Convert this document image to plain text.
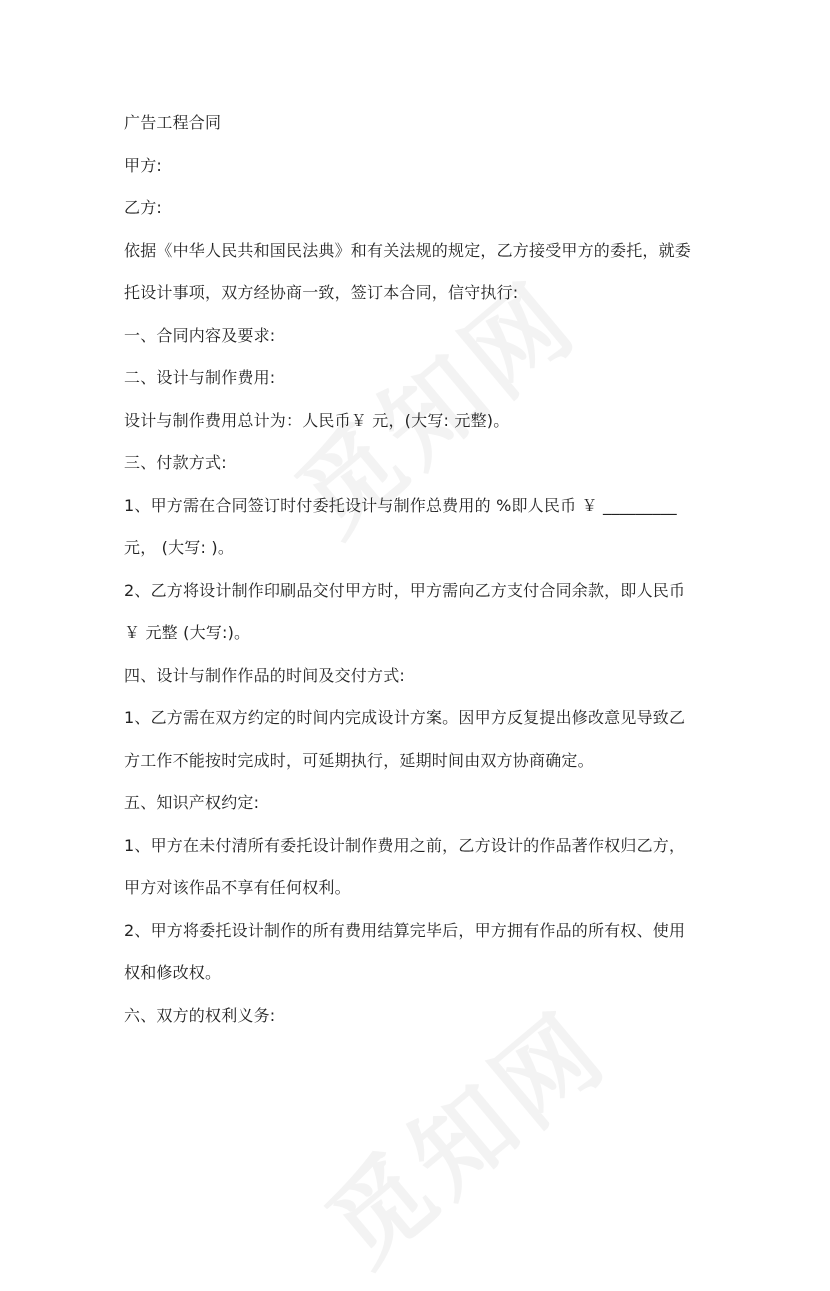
广告工程合同
甲方:
乙方:
依据《中华人民共和国民法典》和有关法规的规定，乙方接受甲方的委托，就委
托设计事项，双方经协商一致，签订本合同，信守执行:
一、合同内容及要求:
二、设计与制作费用:
设计与制作费用总计为：人民币￥ 元，(大写: 元整)。
三、付款方式:
1、甲方需在合同签订时付委托设计与制作总费用的 %即人民币 ￥ _________
元， (大写: )。
2、乙方将设计制作印刷品交付甲方时，甲方需向乙方支付合同余款，即人民币
￥ 元整 (大写:)。
四、设计与制作作品的时间及交付方式:
1、乙方需在双方约定的时间内完成设计方案。因甲方反复提出修改意见导致乙
方工作不能按时完成时，可延期执行，延期时间由双方协商确定。
五、知识产权约定:
1、甲方在未付清所有委托设计制作费用之前，乙方设计的作品著作权归乙方，
甲方对该作品不享有任何权利。
2、甲方将委托设计制作的所有费用结算完毕后，甲方拥有作品的所有权、使用
权和修改权。
六、双方的权利义务:
